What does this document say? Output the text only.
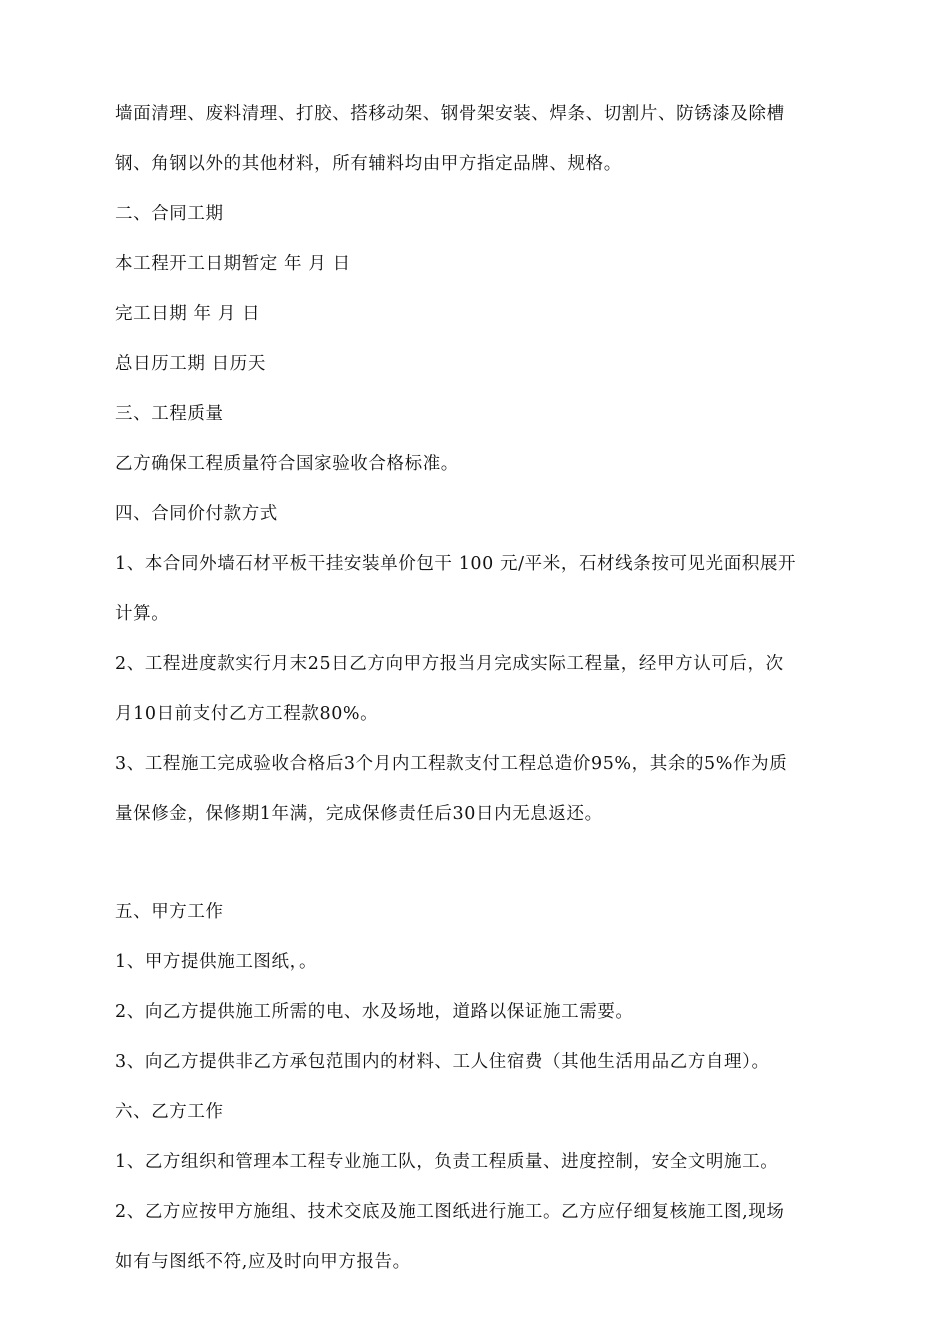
墙面清理、废料清理、打胶、搭移动架、钢骨架安装、焊条、切割片、防锈漆及除槽
钢、角钢以外的其他材料，所有辅料均由甲方指定品牌、规格。
二、合同工期
本工程开工日期暂定 年 月 日
完工日期 年 月 日
总日历工期 日历天
三、工程质量
乙方确保工程质量符合国家验收合格标准。
四、合同价付款方式
1、本合同外墙石材平板干挂安装单价包干 100 元/平米，石材线条按可见光面积展开
计算。
2、工程进度款实行月末25日乙方向甲方报当月完成实际工程量，经甲方认可后，次
月10日前支付乙方工程款80%。
3、工程施工完成验收合格后3个月内工程款支付工程总造价95%，其余的5%作为质
量保修金，保修期1年满，完成保修责任后30日内无息返还。
五、甲方工作
1、甲方提供施工图纸，。
2、向乙方提供施工所需的电、水及场地，道路以保证施工需要。
3、向乙方提供非乙方承包范围内的材料、工人住宿费（其他生活用品乙方自理）。
六、乙方工作
1、乙方组织和管理本工程专业施工队，负责工程质量、进度控制，安全文明施工。
2、乙方应按甲方施组、技术交底及施工图纸进行施工。乙方应仔细复核施工图,现场
如有与图纸不符,应及时向甲方报告。
